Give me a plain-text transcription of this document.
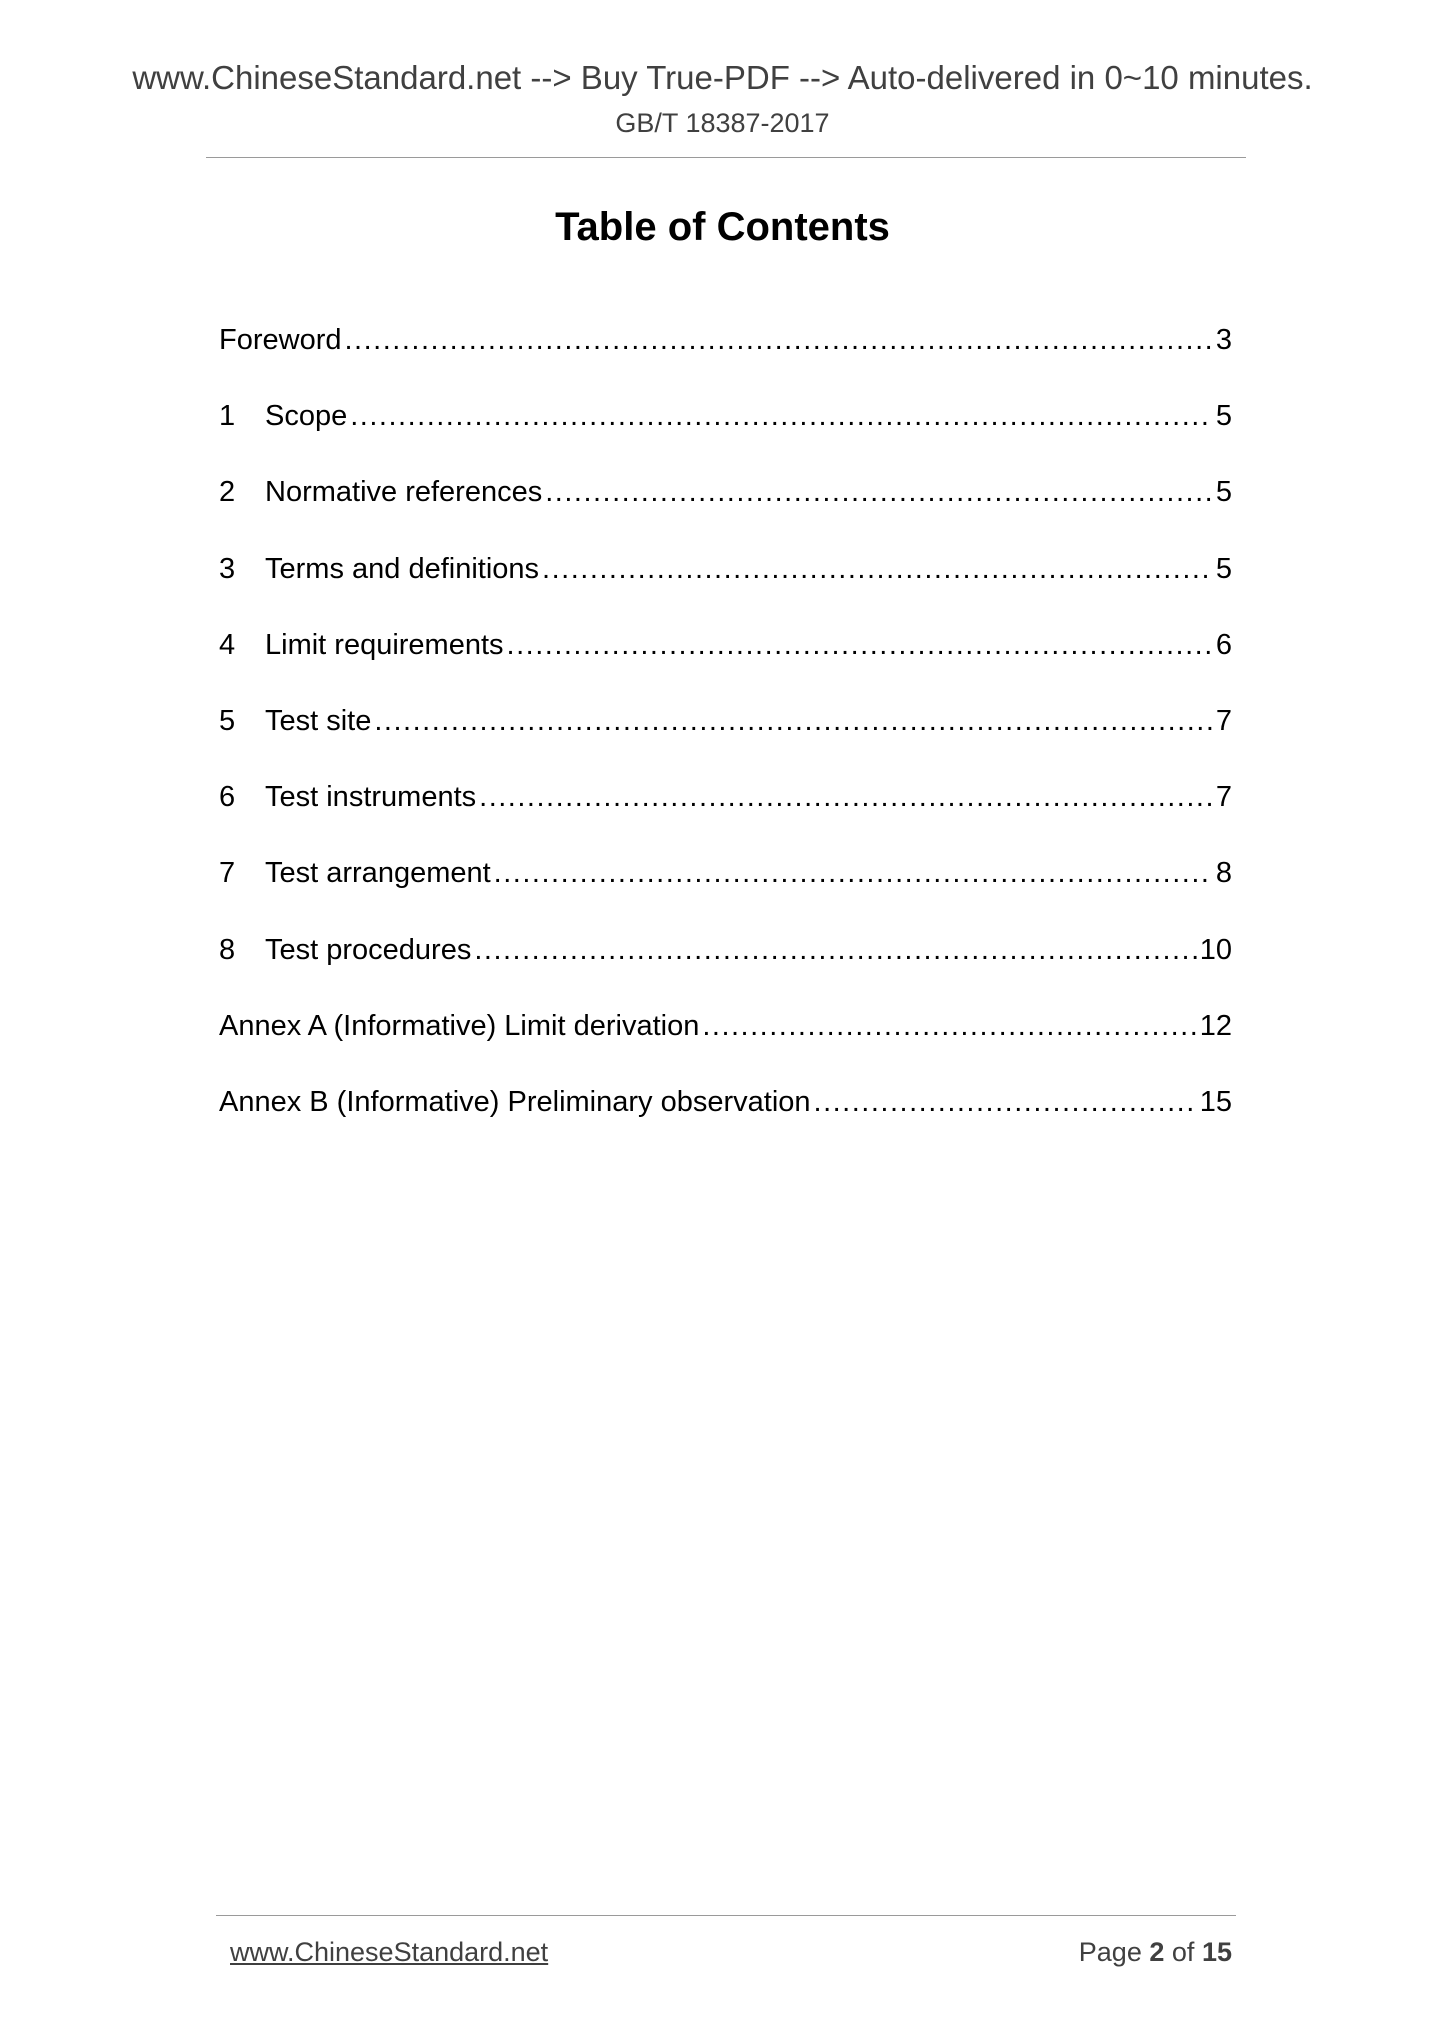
www.ChineseStandard.net --> Buy True-PDF --> Auto-delivered in 0~10 minutes.
GB/T 18387-2017
Table of Contents
Foreword .....	3
1	Scope .....	5
2	Normative references .....	5
3	Terms and definitions .....	5
4	Limit requirements .....	6
5	Test site .....	7
6	Test instruments .....	7
7	Test arrangement .....	8
8	Test procedures .....	10
Annex A (Informative) Limit derivation .....	12
Annex B (Informative) Preliminary observation .....	15
www.ChineseStandard.net	Page 2 of 15
